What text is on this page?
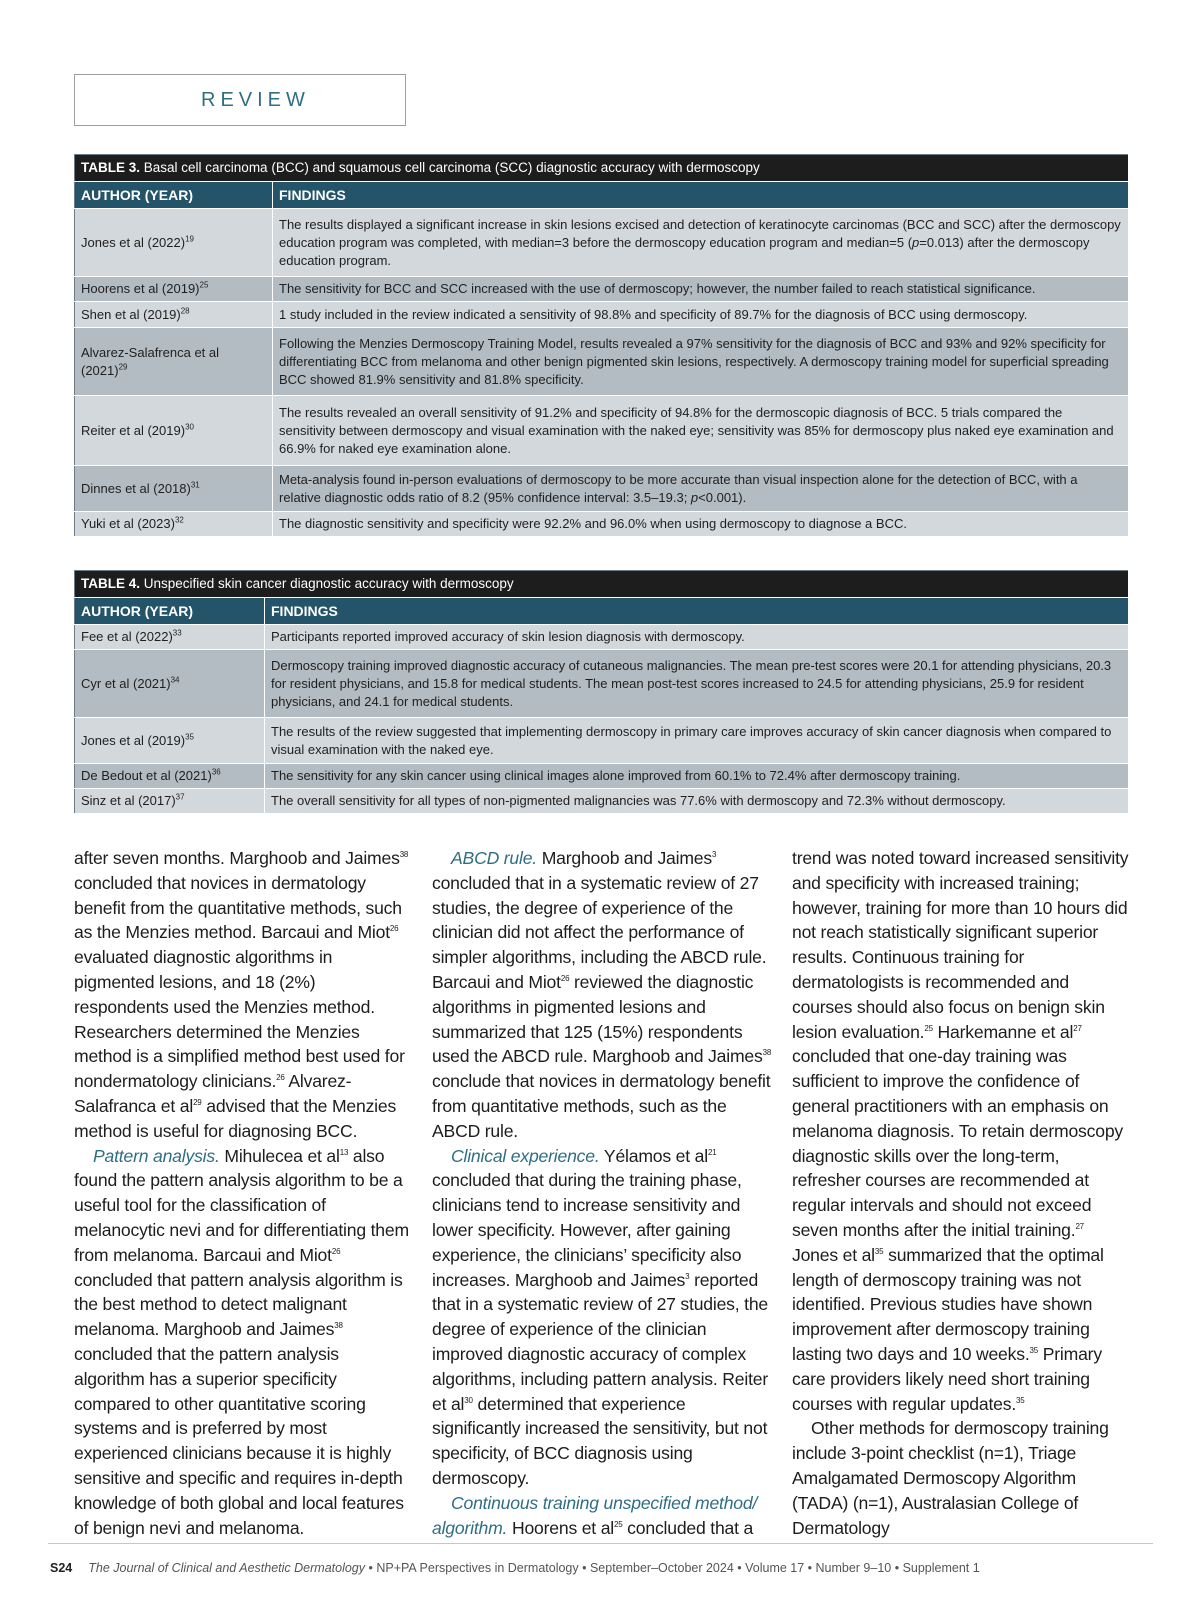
REVIEW
TABLE 3. Basal cell carcinoma (BCC) and squamous cell carcinoma (SCC) diagnostic accuracy with dermoscopy	
AUTHOR (YEAR)	FINDINGS
Jones et al $(2022)^{19}$	The results displayed a significant increase in skin lesions excised and detection of keratinocyte carcinomas (BCC and SCC) after the dermoscopy education program was completed, with median=3 before the dermoscopy education program and median=5 (p=0.013) after the dermoscopy education program.
Hoorens et al $(2019)^{25}$	The sensitivity for BCC and SCC increased with the use of dermoscopy; however, the number failed to reach statistical significance.
Shen et al $(2019)^{28}$	1 study included in the review indicated a sensitivity of 98.8% and specificity of 89.7% for the diagnosis of BCC using dermoscopy.
Alvarez-Salafrenca et al $(2021)^{29}$	Following the Menzies Dermoscopy Training Model, results revealed a 97% sensitivity for the diagnosis of BCC and 93% and 92% specificity for differentiating BCC from melanoma and other benign pigmented skin lesions, respectively. A dermoscopy training model for superficial spreading BCC showed 81.9% sensitivity and 81.8% specificity.
Reiter et al $(2019)^{30}$	The results revealed an overall sensitivity of 91.2% and specificity of 94.8% for the dermoscopic diagnosis of BCC. 5 trials compared the sensitivity between dermoscopy and visual examination with the naked eye; sensitivity was 85% for dermoscopy plus naked eye examination and 66.9% for naked eye examination alone.
Dinnes et al $(2018)^{31}$	Meta-analysis found in-person evaluations of dermoscopy to be more accurate than visual inspection alone for the detection of BCC, with a relative diagnostic odds ratio of 8.2 (95% confidence interval: 3.5–19.3; p<0.001).
Yuki et al $(2023)^{32}$	The diagnostic sensitivity and specificity were 92.2% and 96.0% when using dermoscopy to diagnose a BCC.
TABLE 4. Unspecified skin cancer diagnostic accuracy with dermoscopy	
AUTHOR (YEAR)	FINDINGS
Fee et al $(2022)^{33}$	Participants reported improved accuracy of skin lesion diagnosis with dermoscopy.
Cyr et al $(2021)^{34}$	Dermoscopy training improved diagnostic accuracy of cutaneous malignancies. The mean pre-test scores were 20.1 for attending physicians, 20.3 for resident physicians, and 15.8 for medical students. The mean post-test scores increased to 24.5 for attending physicians, 25.9 for resident physicians, and 24.1 for medical students.
Jones et al $(2019)^{35}$	The results of the review suggested that implementing dermoscopy in primary care improves accuracy of skin cancer diagnosis when compared to visual examination with the naked eye.
De Bedout et al $(2021)^{36}$	The sensitivity for any skin cancer using clinical images alone improved from 60.1% to 72.4% after dermoscopy training.
Sinz et al $(2017)^{37}$	The overall sensitivity for all types of non-pigmented malignancies was 77.6% with dermoscopy and 72.3% without dermoscopy.

after seven months. Marghoob and Jaimes$^{38}$ concluded that novices in dermatology benefit from the quantitative methods, such as the Menzies method. Barcaui and Miot$^{26}$ evaluated diagnostic algorithms in pigmented lesions, and 18 (2%) respondents used the Menzies method. Researchers determined the Menzies method is a simplified method best used for nondermatology clinicians.$^{26}$ Alvarez-Salafranca et $al^{29}$ advised that the Menzies method is useful for diagnosing BCC.

Pattern analysis. Mihulecea et $al^{13}$ also found the pattern analysis algorithm to be a useful tool for the classification of melanocytic nevi and for differentiating them from melanoma. Barcaui and Miot$^{26}$ concluded that pattern analysis algorithm is the best method to detect malignant melanoma. Marghoob and Jaimes$^{38}$ concluded that the pattern analysis algorithm has a superior specificity compared to other quantitative scoring systems and is preferred by most experienced clinicians because it is highly sensitive and specific and requires in-depth knowledge of both global and local features of benign nevi and melanoma.

ABCD rule. Marghoob and Jaimes$^3$ concluded that in a systematic review of 27 studies, the degree of experience of the clinician did not affect the performance of simpler algorithms, including the ABCD rule. Barcaui and Miot$^{26}$ reviewed the diagnostic algorithms in pigmented lesions and summarized that 125 (15%) respondents used the ABCD rule. Marghoob and Jaimes$^{38}$ conclude that novices in dermatology benefit from quantitative methods, such as the ABCD rule.

Clinical experience. Yélamos et $al^{21}$ concluded that during the training phase, clinicians tend to increase sensitivity and lower specificity. However, after gaining experience, the clinicians’ specificity also increases. Marghoob and Jaimes$^3$ reported that in a systematic review of 27 studies, the degree of experience of the clinician improved diagnostic accuracy of complex algorithms, including pattern analysis. Reiter et $al^{30}$ determined that experience significantly increased the sensitivity, but not specificity, of BCC diagnosis using dermoscopy.

Continuous training unspecified method/ algorithm. Hoorens et $al^{25}$ concluded that a

trend was noted toward increased sensitivity and specificity with increased training; however, training for more than 10 hours did not reach statistically significant superior results. Continuous training for dermatologists is recommended and courses should also focus on benign skin lesion evaluation.$^{25}$ Harkemanne et $al^{27}$ concluded that one-day training was sufficient to improve the confidence of general practitioners with an emphasis on melanoma diagnosis. To retain dermoscopy diagnostic skills over the long-term, refresher courses are recommended at regular intervals and should not exceed seven months after the initial training.$^{27}$ Jones et $al^{35}$ summarized that the optimal length of dermoscopy training was not identified. Previous studies have shown improvement after dermoscopy training lasting two days and 10 weeks.$^{35}$ Primary care providers likely need short training courses with regular updates.$^{35}$

Other methods for dermoscopy training include 3-point checklist (n=1), Triage Amalgamated Dermoscopy Algorithm (TADA) (n=1), Australasian College of Dermatology

S24 The Journal of Clinical and Aesthetic Dermatology • NP+PA Perspectives in Dermatology • September–October 2024 • Volume 17 • Number 9–10 • Supplement 1
